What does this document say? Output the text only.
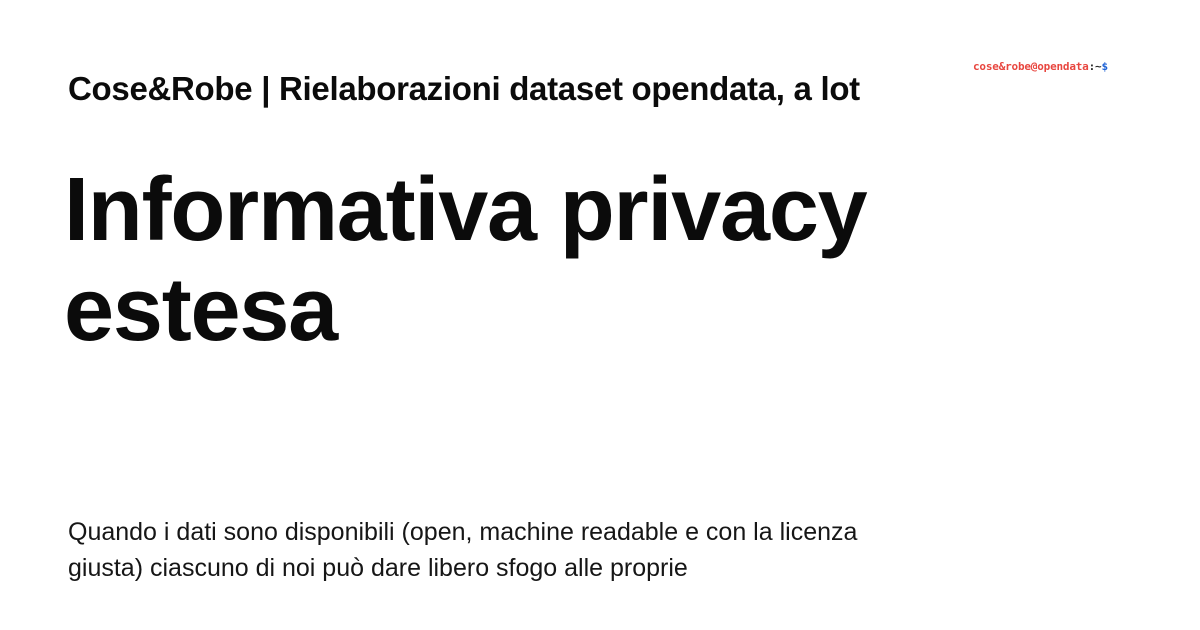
Cose&Robe | Rielaborazioni dataset opendata, a lot
cose&robe@opendata:~$
Informativa privacy estesa

Quando i dati sono disponibili (open, machine readable e con la licenza giusta) ciascuno di noi può dare libero sfogo alle proprie
